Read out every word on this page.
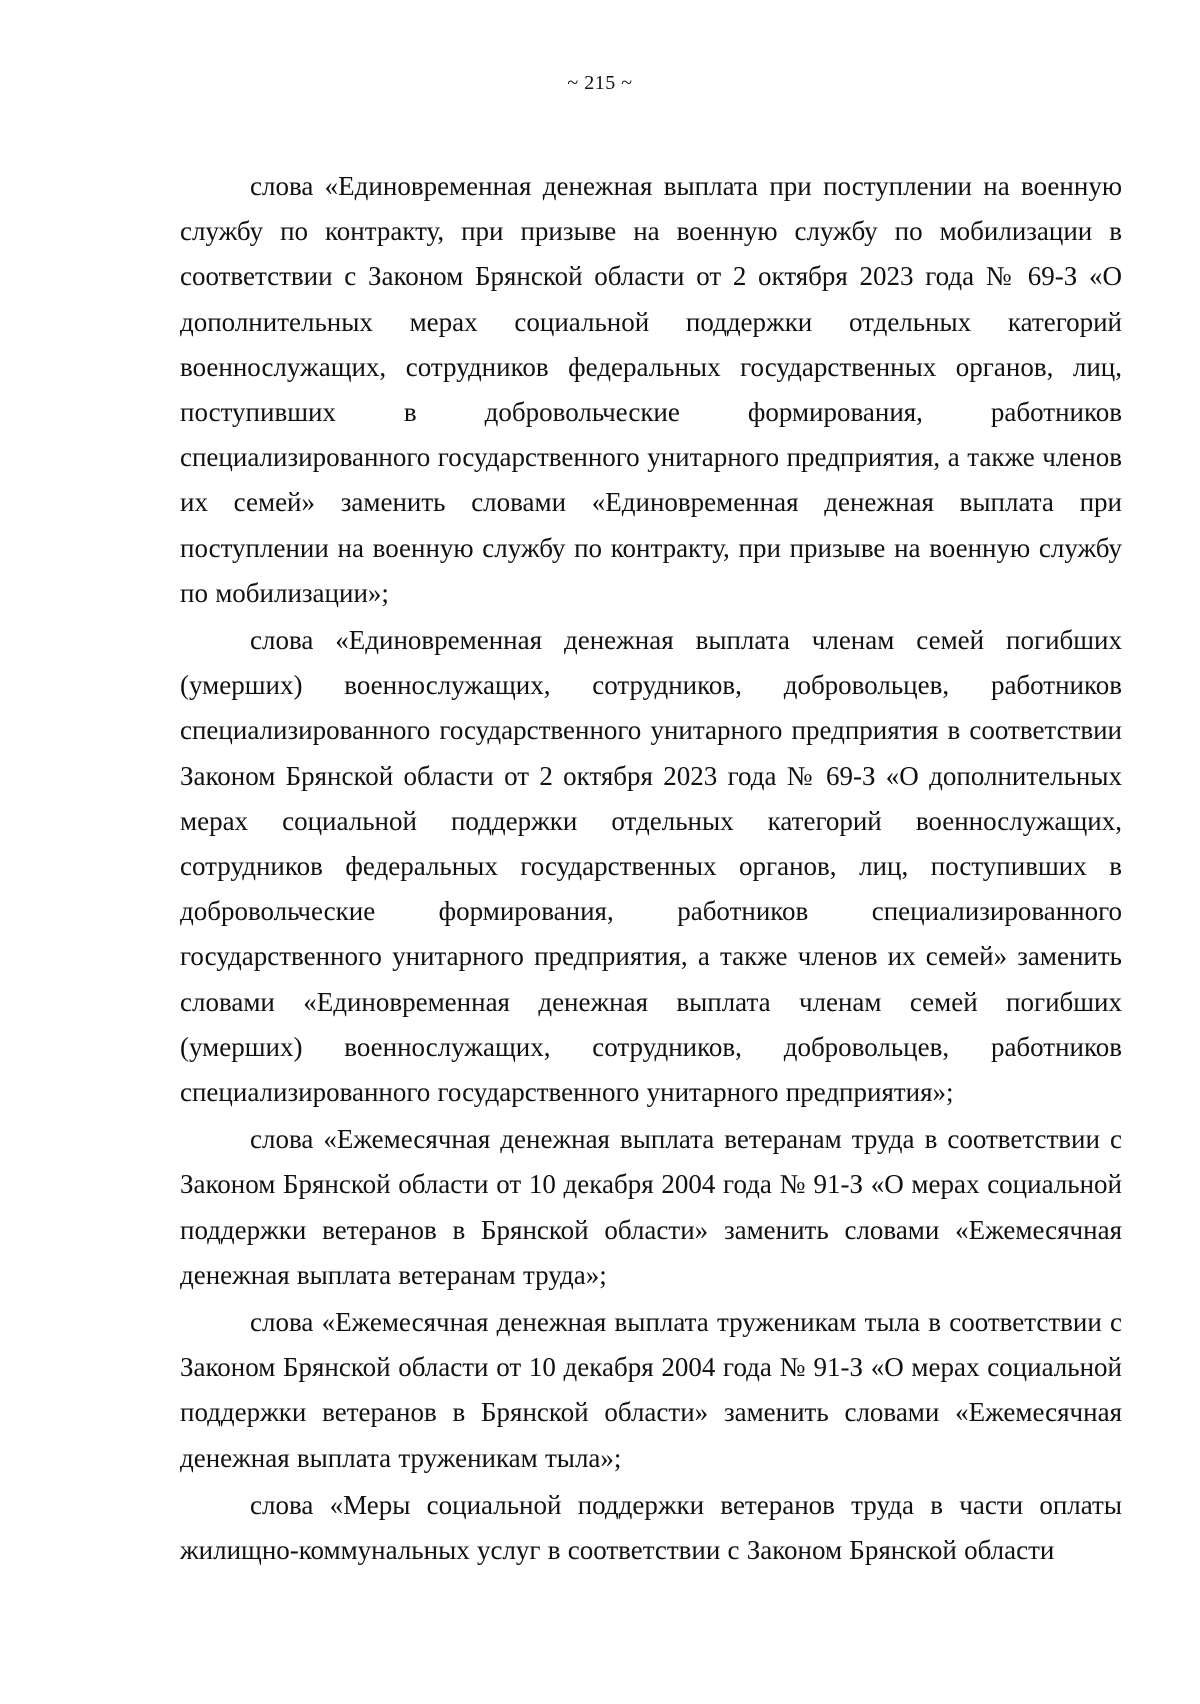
~ 215 ~

слова «Единовременная денежная выплата при поступлении на военную службу по контракту, при призыве на военную службу по мобилизации в соответствии с Законом Брянской области от 2 октября 2023 года № 69-З «О дополнительных мерах социальной поддержки отдельных категорий военнослужащих, сотрудников федеральных государственных органов, лиц, поступивших в добровольческие формирования, работников специализированного государственного унитарного предприятия, а также членов их семей» заменить словами «Единовременная денежная выплата при поступлении на военную службу по контракту, при призыве на военную службу по мобилизации»;

слова «Единовременная денежная выплата членам семей погибших (умерших) военнослужащих, сотрудников, добровольцев, работников специализированного государственного унитарного предприятия в соответствии Законом Брянской области от 2 октября 2023 года № 69-З «О дополнительных мерах социальной поддержки отдельных категорий военнослужащих, сотрудников федеральных государственных органов, лиц, поступивших в добровольческие формирования, работников специализированного государственного унитарного предприятия, а также членов их семей» заменить словами «Единовременная денежная выплата членам семей погибших (умерших) военнослужащих, сотрудников, добровольцев, работников специализированного государственного унитарного предприятия»;

слова «Ежемесячная денежная выплата ветеранам труда в соответствии с Законом Брянской области от 10 декабря 2004 года № 91-З «О мерах социальной поддержки ветеранов в Брянской области» заменить словами «Ежемесячная денежная выплата ветеранам труда»;

слова «Ежемесячная денежная выплата труженикам тыла в соответствии с Законом Брянской области от 10 декабря 2004 года № 91-З «О мерах социальной поддержки ветеранов в Брянской области» заменить словами «Ежемесячная денежная выплата труженикам тыла»;

слова «Меры социальной поддержки ветеранов труда в части оплаты жилищно-коммунальных услуг в соответствии с Законом Брянской области
